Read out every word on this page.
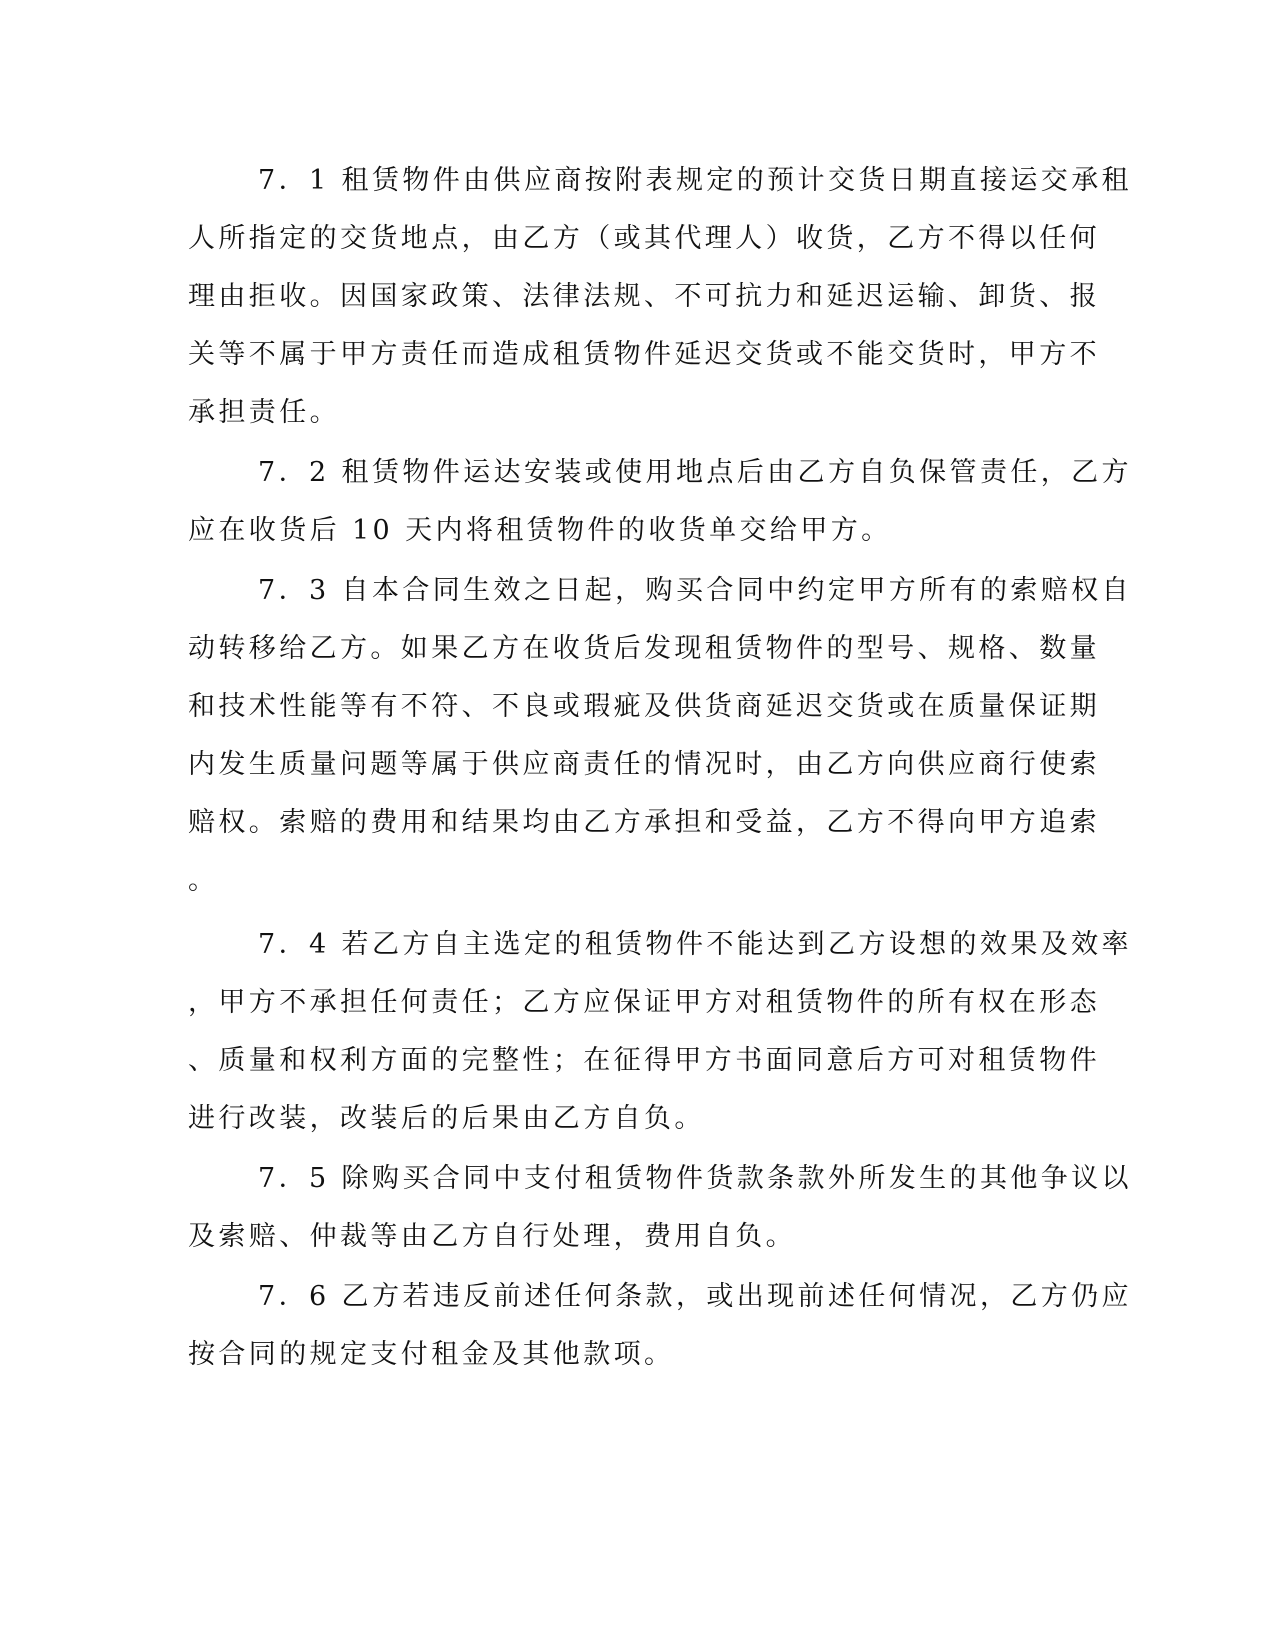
7．1 租赁物件由供应商按附表规定的预计交货日期直接运交承租
人所指定的交货地点，由乙方（或其代理人）收货，乙方不得以任何
理由拒收。因国家政策、法律法规、不可抗力和延迟运输、卸货、报
关等不属于甲方责任而造成租赁物件延迟交货或不能交货时，甲方不
承担责任。
7．2 租赁物件运达安装或使用地点后由乙方自负保管责任，乙方
应在收货后 10 天内将租赁物件的收货单交给甲方。
7．3 自本合同生效之日起，购买合同中约定甲方所有的索赔权自
动转移给乙方。如果乙方在收货后发现租赁物件的型号、规格、数量
和技术性能等有不符、不良或瑕疵及供货商延迟交货或在质量保证期
内发生质量问题等属于供应商责任的情况时，由乙方向供应商行使索
赔权。索赔的费用和结果均由乙方承担和受益，乙方不得向甲方追索
。
7．4 若乙方自主选定的租赁物件不能达到乙方设想的效果及效率
，甲方不承担任何责任；乙方应保证甲方对租赁物件的所有权在形态
、质量和权利方面的完整性；在征得甲方书面同意后方可对租赁物件
进行改装，改装后的后果由乙方自负。
7．5 除购买合同中支付租赁物件货款条款外所发生的其他争议以
及索赔、仲裁等由乙方自行处理，费用自负。
7．6 乙方若违反前述任何条款，或出现前述任何情况，乙方仍应
按合同的规定支付租金及其他款项。
